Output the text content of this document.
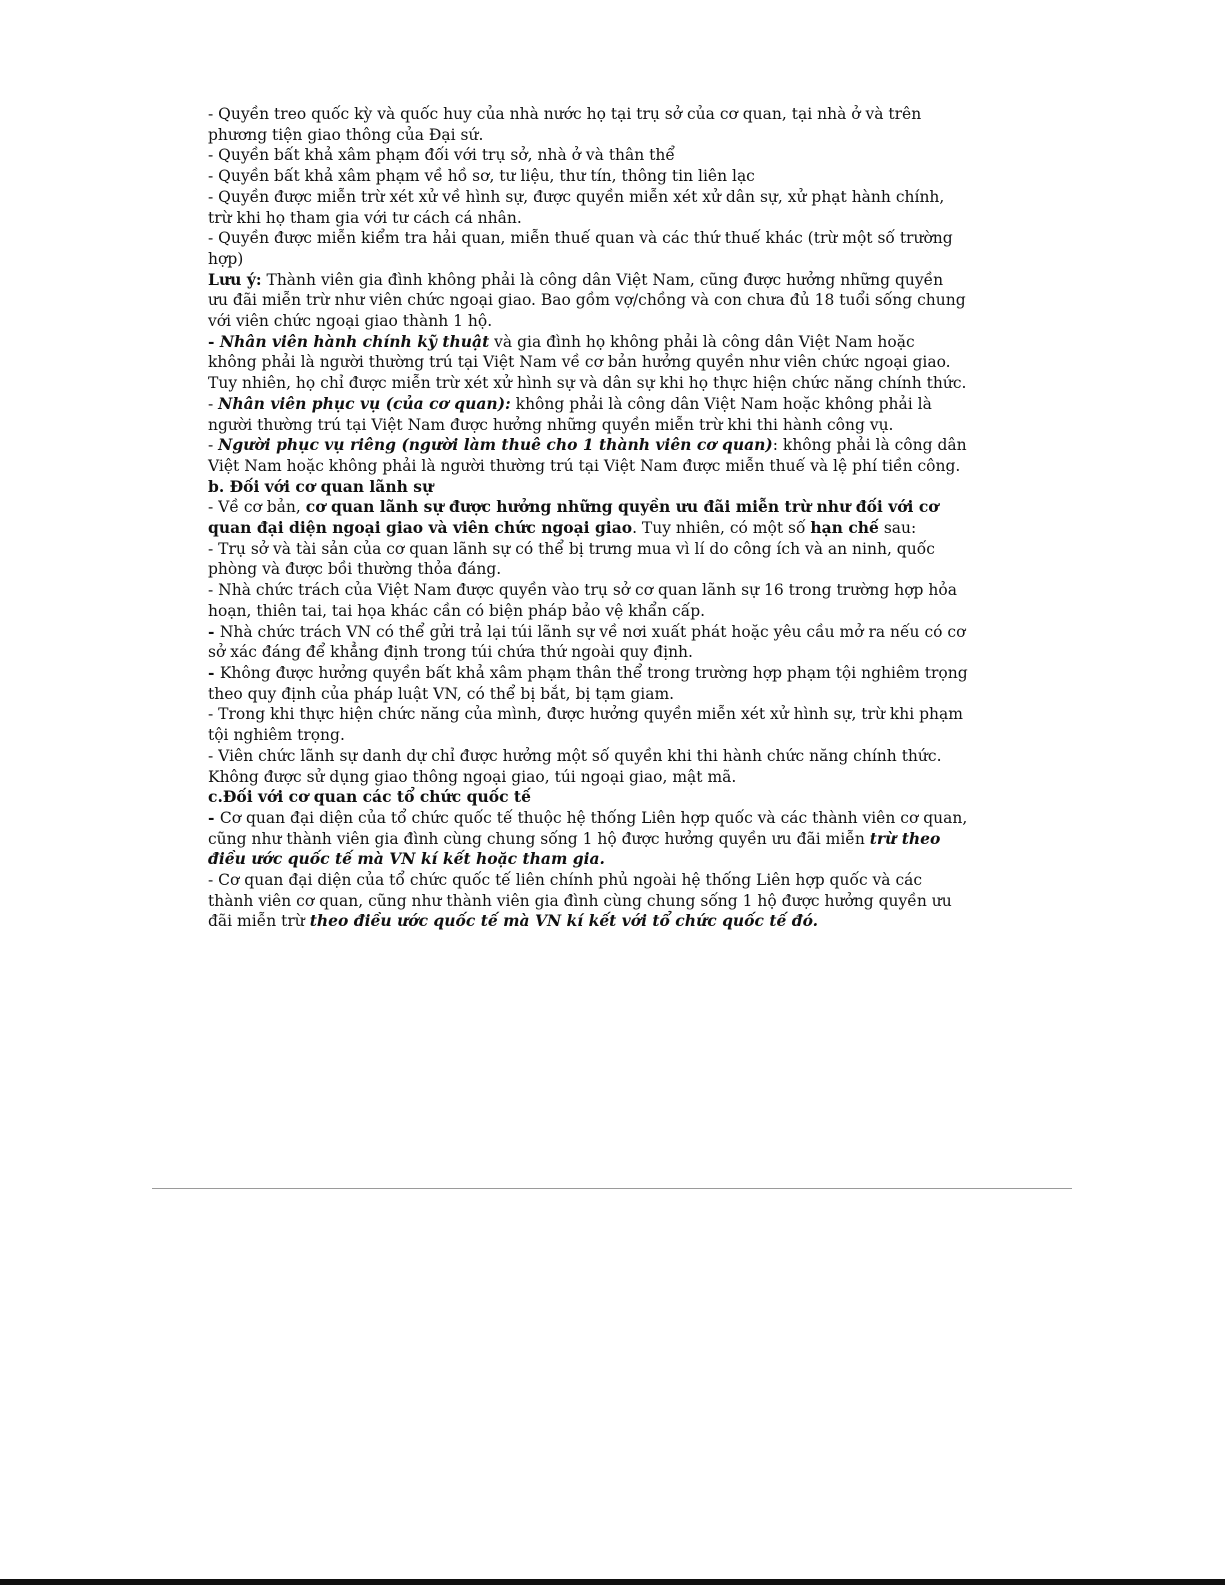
- Quyền treo quốc kỳ và quốc huy của nhà nước họ tại trụ sở của cơ quan, tại nhà ở và trên phương tiện giao thông của Đại sứ.

- Quyền bất khả xâm phạm đối với trụ sở, nhà ở và thân thể

- Quyền bất khả xâm phạm về hồ sơ, tư liệu, thư tín, thông tin liên lạc

- Quyền được miễn trừ xét xử về hình sự, được quyền miễn xét xử dân sự, xử phạt hành chính, trừ khi họ tham gia với tư cách cá nhân.

- Quyền được miễn kiểm tra hải quan, miễn thuế quan và các thứ thuế khác (trừ một số trường hợp)

Lưu ý: Thành viên gia đình không phải là công dân Việt Nam, cũng được hưởng những quyền ưu đãi miễn trừ như viên chức ngoại giao. Bao gồm vợ/chồng và con chưa đủ 18 tuổi sống chung với viên chức ngoại giao thành 1 hộ.

- Nhân viên hành chính kỹ thuật và gia đình họ không phải là công dân Việt Nam hoặc không phải là người thường trú tại Việt Nam về cơ bản hưởng quyền như viên chức ngoại giao. Tuy nhiên, họ chỉ được miễn trừ xét xử hình sự và dân sự khi họ thực hiện chức năng chính thức.

- Nhân viên phục vụ (của cơ quan): không phải là công dân Việt Nam hoặc không phải là người thường trú tại Việt Nam được hưởng những quyền miễn trừ khi thi hành công vụ.

- Người phục vụ riêng (người làm thuê cho 1 thành viên cơ quan): không phải là công dân Việt Nam hoặc không phải là người thường trú tại Việt Nam được miễn thuế và lệ phí tiền công.

b. Đối với cơ quan lãnh sự

- Về cơ bản, cơ quan lãnh sự được hưởng những quyền ưu đãi miễn trừ như đối với cơ quan đại diện ngoại giao và viên chức ngoại giao. Tuy nhiên, có một số hạn chế sau:

- Trụ sở và tài sản của cơ quan lãnh sự có thể bị trưng mua vì lí do công ích và an ninh, quốc phòng và được bồi thường thỏa đáng.

- Nhà chức trách của Việt Nam được quyền vào trụ sở cơ quan lãnh sự 16 trong trường hợp hỏa hoạn, thiên tai, tai họa khác cần có biện pháp bảo vệ khẩn cấp.

- Nhà chức trách VN có thể gửi trả lại túi lãnh sự về nơi xuất phát hoặc yêu cầu mở ra nếu có cơ sở xác đáng để khẳng định trong túi chứa thứ ngoài quy định.

- Không được hưởng quyền bất khả xâm phạm thân thể trong trường hợp phạm tội nghiêm trọng theo quy định của pháp luật VN, có thể bị bắt, bị tạm giam.

- Trong khi thực hiện chức năng của mình, được hưởng quyền miễn xét xử hình sự, trừ khi phạm tội nghiêm trọng.

- Viên chức lãnh sự danh dự chỉ được hưởng một số quyền khi thi hành chức năng chính thức. Không được sử dụng giao thông ngoại giao, túi ngoại giao, mật mã.

c.Đối với cơ quan các tổ chức quốc tế

- Cơ quan đại diện của tổ chức quốc tế thuộc hệ thống Liên hợp quốc và các thành viên cơ quan, cũng như thành viên gia đình cùng chung sống 1 hộ được hưởng quyền ưu đãi miễn trừ theo điều ước quốc tế mà VN kí kết hoặc tham gia.

- Cơ quan đại diện của tổ chức quốc tế liên chính phủ ngoài hệ thống Liên hợp quốc và các thành viên cơ quan, cũng như thành viên gia đình cùng chung sống 1 hộ được hưởng quyền ưu đãi miễn trừ theo điều ước quốc tế mà VN kí kết với tổ chức quốc tế đó.
